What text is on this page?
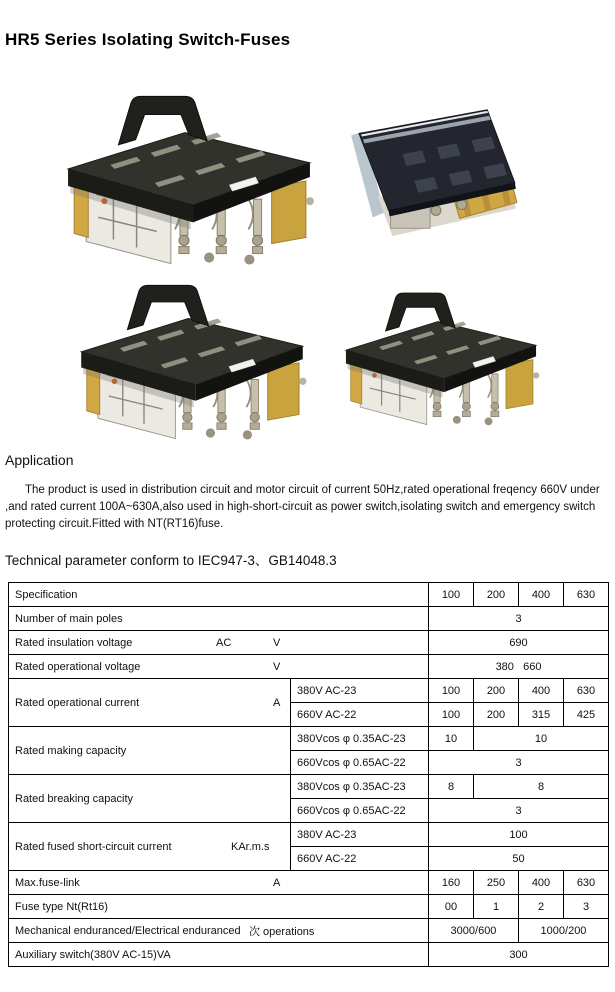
HR5 Series Isolating Switch-Fuses
Application

The product is used in distribution circuit and motor circuit of current 50Hz,rated operational freqency 660V under ,and rated current 100A~630A,also used in high-short-circuit as power switch,isolating switch and emergency switch protecting circuit.Fitted with NT(RT16)fuse.

Technical parameter conform to IEC947-3、GB14048.3
Specification		100	200	400	630
Number of main poles		3			
Rated insulation voltage AC V		690			
Rated operational voltage V		380   660			
Rated operational current A	380V AC-23	100	200	400	630
	660V AC-22	100	200	315	425
Rated making capacity	380Vcos φ 0.35AC-23	10	10		
	660Vcos φ 0.65AC-22	3			
Rated breaking capacity	380Vcos φ 0.35AC-23	8	8		
	660Vcos φ 0.65AC-22	3			
Rated fused short-circuit current KAr.m.s	380V AC-23	100			
	660V AC-22	50			
Max.fuse-link A		160	250	400	630
Fuse type Nt(Rt16)		00	1	2	3
Mechanical enduranced/Electrical enduranced 次 operations		3000/600		1000/200	
Auxiliary switch(380V AC-15)VA		300			
